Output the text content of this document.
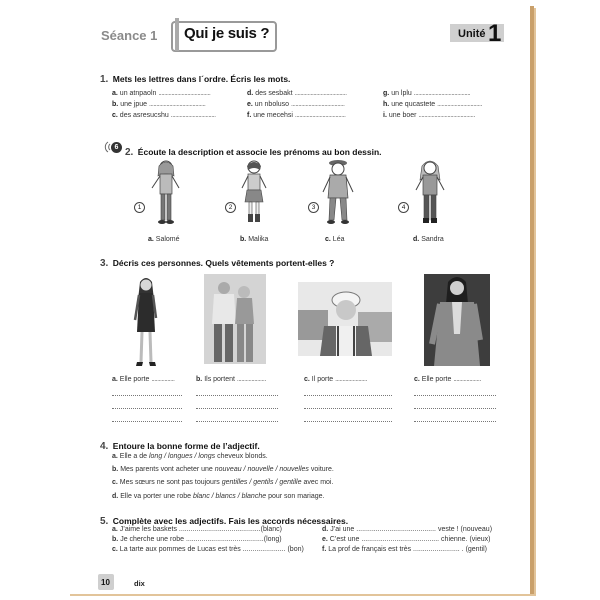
Séance 1 Qui je suis ?	Unité 1
1. Mets les lettres dans l´ordre. Écris les mots.
a. un atnpaoln ....................................	d. des sesbakt ....................................	g. un lplu .......................................
b. une jpue .......................................	e. un nboluso .....................................	h. une qucastete ...............................
c. des asresucshu ...............................	f. une mecehsi ...................................	i. une boer .......................................
6 2. Écoute la description et associe les prénoms au bon dessin.
1	2	3	4
a. Salomé	b. Malika	c. Léa	d. Sandra
3. Décris ces personnes. Quels vêtements portent-elles ?
a. Elle porte ................	b. Ils portent ....................	c. Il porte ......................	c. Elle porte ...................
4. Entoure la bonne forme de l’adjectif.
a. Elle a de long / longues / longs cheveux blonds.
b. Mes parents vont acheter une nouveau / nouvelle / nouvelles voiture.
c. Mes sœurs ne sont pas toujours gentilles / gentils / gentille avec moi.
d. Elle va porter une robe blanc / blancs / blanche pour son mariage.
5. Complète avec les adjectifs. Fais les accords nécessaires.
a. J’aime les baskets ..........................................(blanc)	d. J’ai une ......................................... veste ! (nouveau)
b. Je cherche une robe ........................................(long)	e. C’est une ........................................ chienne. (vieux)
c. La tarte aux pommes de Lucas est très ...................... (bon)	f. La prof de français est très ........................ . (gentil)
10	dix
